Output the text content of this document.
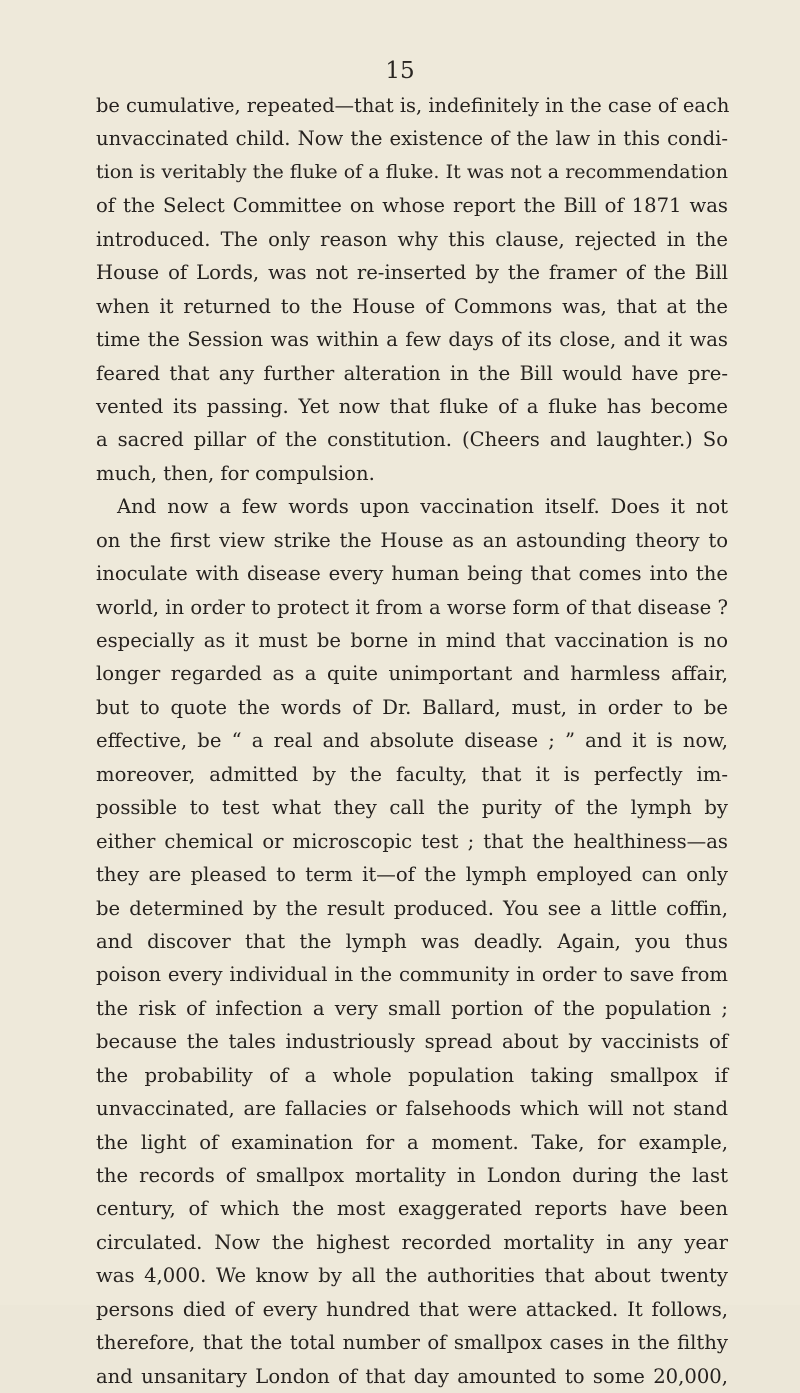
15
be cumulative, repeated—that is, indefinitely in the case of each
unvaccinated child. Now the existence of the law in this condi-
tion is veritably the fluke of a fluke. It was not a recommendation
of the Select Committee on whose report the Bill of 1871 was
introduced. The only reason why this clause, rejected in the
House of Lords, was not re-inserted by the framer of the Bill
when it returned to the House of Commons was, that at the
time the Session was within a few days of its close, and it was
feared that any further alteration in the Bill would have pre-
vented its passing. Yet now that fluke of a fluke has become
a sacred pillar of the constitution. (Cheers and laughter.) So
much, then, for compulsion.
And now a few words upon vaccination itself. Does it not
on the first view strike the House as an astounding theory to
inoculate with disease every human being that comes into the
world, in order to protect it from a worse form of that disease ?
especially as it must be borne in mind that vaccination is no
longer regarded as a quite unimportant and harmless affair,
but to quote the words of Dr. Ballard, must, in order to be
effective, be “ a real and absolute disease ; ” and it is now,
moreover, admitted by the faculty, that it is perfectly im-
possible to test what they call the purity of the lymph by
either chemical or microscopic test ; that the healthiness—as
they are pleased to term it—of the lymph employed can only
be determined by the result produced. You see a little coffin,
and discover that the lymph was deadly. Again, you thus
poison every individual in the community in order to save from
the risk of infection a very small portion of the population ;
because the tales industriously spread about by vaccinists of
the probability of a whole population taking smallpox if
unvaccinated, are fallacies or falsehoods which will not stand
the light of examination for a moment. Take, for example,
the records of smallpox mortality in London during the last
century, of which the most exaggerated reports have been
circulated. Now the highest recorded mortality in any year
was 4,000. We know by all the authorities that about twenty
persons died of every hundred that were attacked. It follows,
therefore, that the total number of smallpox cases in the filthy
and unsanitary London of that day amounted to some 20,000,
